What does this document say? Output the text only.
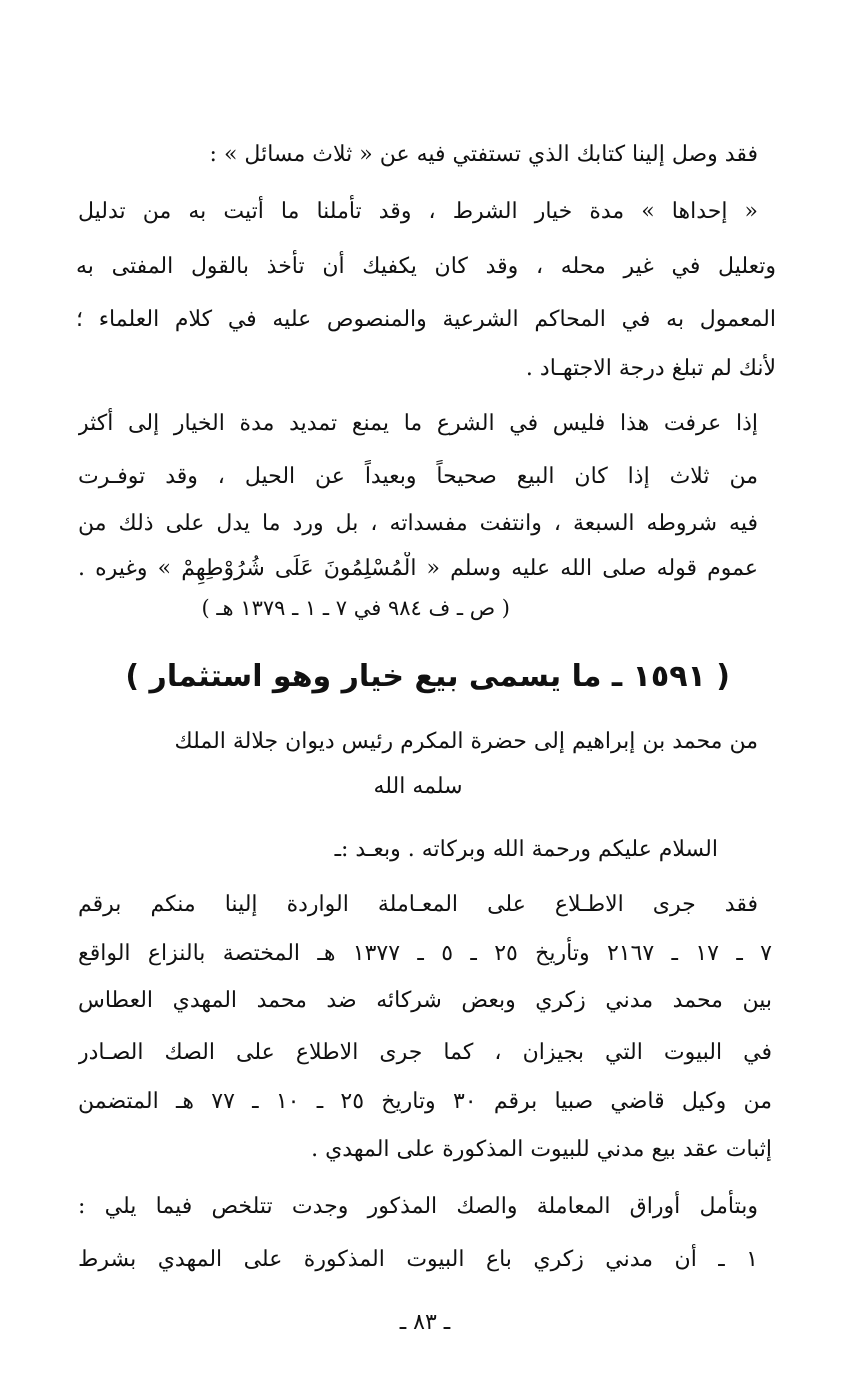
فقد وصل إلينا كتابك الذي تستفتي فيه عن « ثلاث مسائل » :
« إحداها » مدة خيار الشرط ، وقد تأملنا ما أتيت به من تدليل
وتعليل في غير محله ، وقد كان يكفيك أن تأخذ بالقول المفتى به
المعمول به في المحاكم الشرعية والمنصوص عليه في كلام العلماء ؛
لأنك لم تبلغ درجة الاجتهـاد .
إذا عرفت هذا فليس في الشرع ما يمنع تمديد مدة الخيار إلى أكثر
من ثلاث إذا كان البيع صحيحاً وبعيداً عن الحيل ، وقد توفـرت
فيه شروطه السبعة ، وانتفت مفسداته ، بل ورد ما يدل على ذلك من
عموم قوله صلى الله عليه وسلم « الْمُسْلِمُونَ عَلَى شُرُوْطِهِمْ » وغيره .
( ص ـ ف ٩٨٤ في ٧ ـ ١ ـ ١٣٧٩ هـ )
( ١٥٩١ ـ ما يسمى بيع خيار وهو استثمار )
من محمد بن إبراهيم إلى حضرة المكرم رئيس ديوان جلالة الملك
سلمه الله
السلام عليكم ورحمة الله وبركاته . وبعـد :ـ
فقد جرى الاطـلاع على المعـاملة الواردة إلينا منكم برقم
٧ ـ ١٧ ـ ٢١٦٧ وتأريخ ٢٥ ـ ٥ ـ ١٣٧٧ هـ المختصة بالنزاع الواقع
بين محمد مدني زكري وبعض شركائه ضد محمد المهدي العطاس
في البيوت التي بجيزان ، كما جرى الاطلاع على الصك الصـادر
من وكيل قاضي صبيا برقم ٣٠ وتاريخ ٢٥ ـ ١٠ ـ ٧٧ هـ المتضمن
إثبات عقد بيع مدني للبيوت المذكورة على المهدي .
وبتأمل أوراق المعاملة والصك المذكور وجدت تتلخص فيما يلي :
١ ـ أن مدني زكري باع البيوت المذكورة على المهدي بشرط
ـ ٨٣ ـ
